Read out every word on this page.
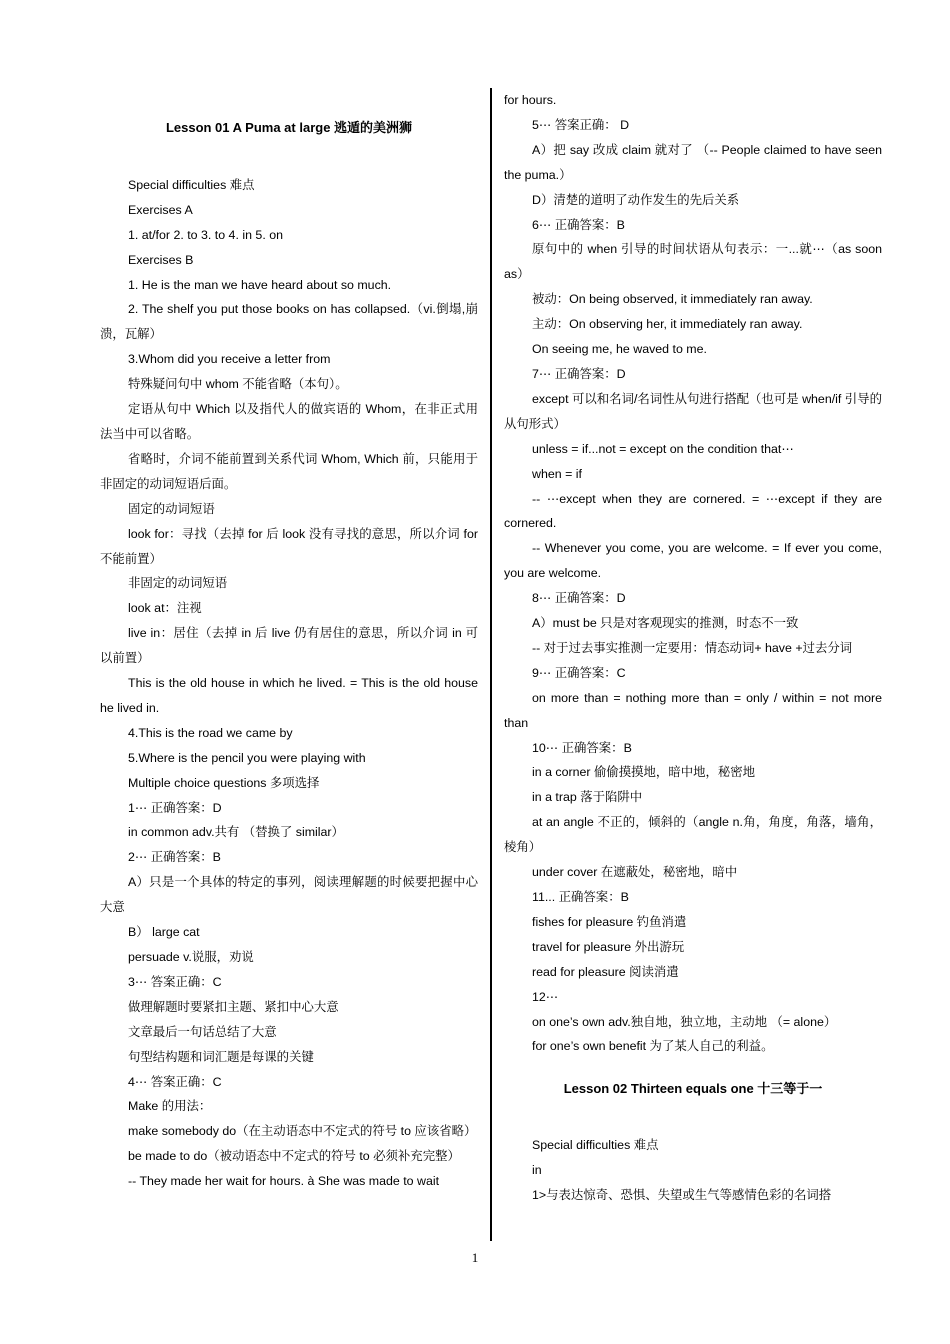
Lesson 01 A Puma at large 逃遁的美洲狮

Special difficulties 难点
Exercises A
1. at/for 2. to 3. to 4. in 5. on
Exercises B
1. He is the man we have heard about so much.
2. The shelf you put those books on has collapsed.（vi.倒塌,崩溃，瓦解）
3.Whom did you receive a letter from
特殊疑问句中 whom 不能省略（本句）。
定语从句中 Which 以及指代人的做宾语的 Whom，在非正式用法当中可以省略。
省略时，介词不能前置到关系代词 Whom, Which 前，只能用于非固定的动词短语后面。
固定的动词短语
look for：寻找（去掉 for 后 look 没有寻找的意思，所以介词 for 不能前置）
非固定的动词短语
look at：注视
live in：居住（去掉 in 后 live 仍有居住的意思，所以介词 in 可以前置）
This is the old house in which he lived. = This is the old house he lived in.
4.This is the road we came by
5.Where is the pencil you were playing with
Multiple choice questions 多项选择
1⋯ 正确答案：D
in common adv.共有 （替换了 similar）
2⋯ 正确答案：B
A）只是一个具体的特定的事列，阅读理解题的时候要把握中心大意
B） large cat
persuade v.说服，劝说
3⋯ 答案正确：C
做理解题时要紧扣主题、紧扣中心大意
文章最后一句话总结了大意
句型结构题和词汇题是每课的关键
4⋯ 答案正确：C
Make 的用法：
make somebody do（在主动语态中不定式的符号 to 应该省略）
be made to do（被动语态中不定式的符号 to 必须补充完整）
-- They made her wait for hours. à She was made to wait
for hours.
5⋯ 答案正确： D
A）把 say 改成 claim 就对了 （-- People claimed to have seen the puma.）
D）清楚的道明了动作发生的先后关系
6⋯ 正确答案：B
原句中的 when 引导的时间状语从句表示：一...就⋯（as soon as）
被动：On being observed, it immediately ran away.
主动：On observing her, it immediately ran away.
On seeing me, he waved to me.
7⋯ 正确答案：D
except 可以和名词/名词性从句进行搭配（也可是 when/if 引导的从句形式）
unless = if...not = except on the condition that⋯
when = if
-- ⋯except when they are cornered. = ⋯except if they are cornered.
-- Whenever you come, you are welcome. = If ever you come, you are welcome.
8⋯ 正确答案：D
A）must be 只是对客观现实的推测，时态不一致
-- 对于过去事实推测一定要用：情态动词+ have +过去分词
9⋯ 正确答案：C
on more than = nothing more than = only / within = not more than
10⋯ 正确答案：B
in a corner 偷偷摸摸地，暗中地，秘密地
in a trap 落于陷阱中
at an angle 不正的，倾斜的（angle n.角，角度，角落，墙角，棱角）
under cover 在遮蔽处，秘密地，暗中
11... 正确答案：B
fishes for pleasure 钓鱼消遣
travel for pleasure 外出游玩
read for pleasure 阅读消遣
12⋯
on one’s own adv.独自地，独立地，主动地 （= alone）
for one’s own benefit 为了某人自己的利益。

Lesson 02 Thirteen equals one 十三等于一

Special difficulties 难点
in
1>与表达惊奇、恐惧、失望或生气等感情色彩的名词搭
1
